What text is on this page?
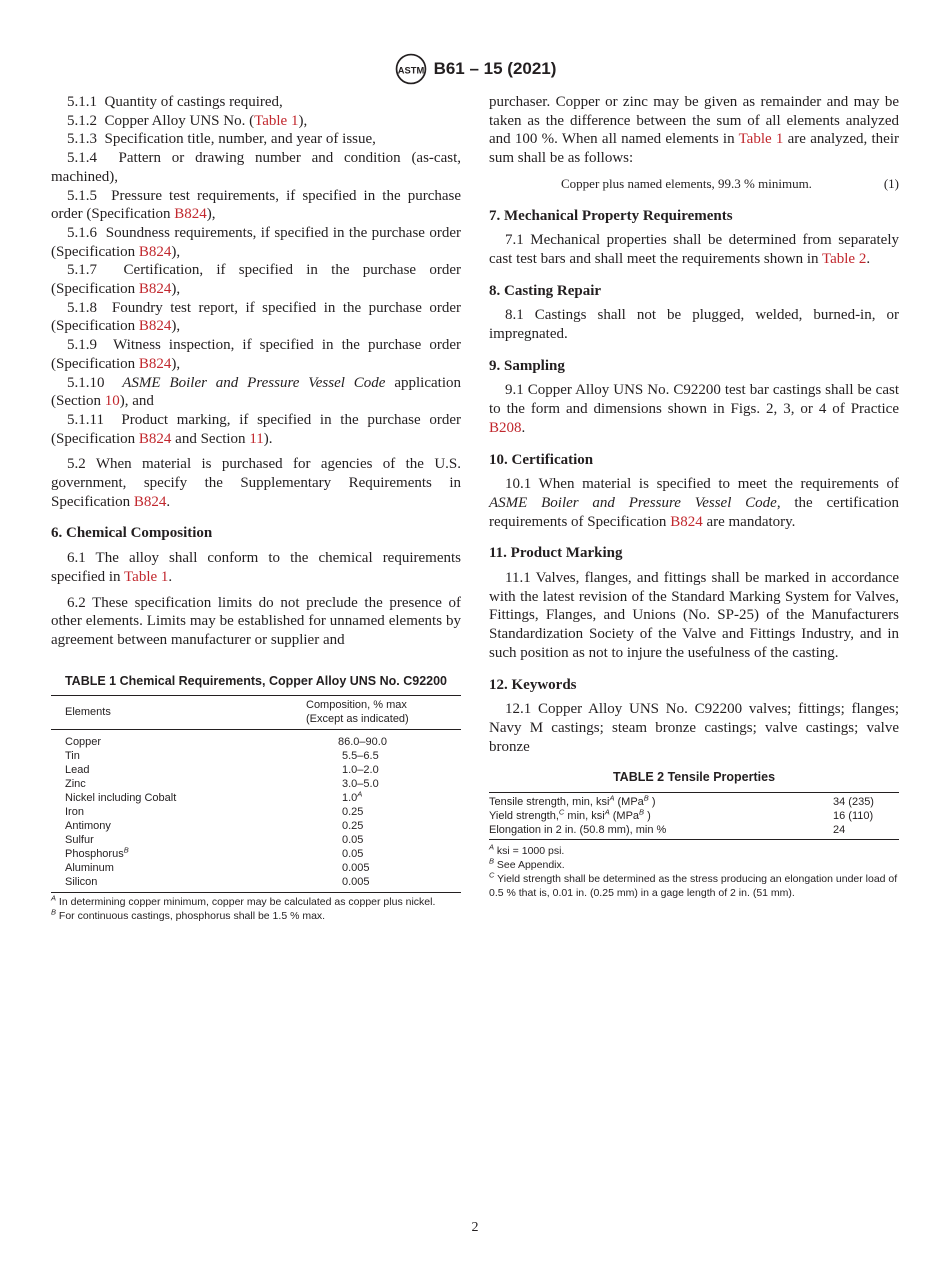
ASTM B61 – 15 (2021)

5.1.1 Quantity of castings required,

5.1.2 Copper Alloy UNS No. (Table 1),

5.1.3 Specification title, number, and year of issue,

5.1.4 Pattern or drawing number and condition (as-cast, machined),

5.1.5 Pressure test requirements, if specified in the purchase order (Specification B824),

5.1.6 Soundness requirements, if specified in the purchase order (Specification B824),

5.1.7 Certification, if specified in the purchase order (Specification B824),

5.1.8 Foundry test report, if specified in the purchase order (Specification B824),

5.1.9 Witness inspection, if specified in the purchase order (Specification B824),

5.1.10 ASME Boiler and Pressure Vessel Code application (Section 10), and

5.1.11 Product marking, if specified in the purchase order (Specification B824 and Section 11).

5.2 When material is purchased for agencies of the U.S. government, specify the Supplementary Requirements in Specification B824.

6. Chemical Composition

6.1 The alloy shall conform to the chemical requirements specified in Table 1.

6.2 These specification limits do not preclude the presence of other elements. Limits may be established for unnamed elements by agreement between manufacturer or supplier and

TABLE 1 Chemical Requirements, Copper Alloy UNS No. C92200
Elements	Composition, % max
(Except as indicated)
Copper	86.0–90.0
Tin	5.5–6.5
Lead	1.0–2.0
Zinc	3.0–5.0
Nickel including Cobalt	$1.0^A$
Iron	0.25
Antimony	0.25
Sulfur	0.05
Phosphorus$^B$	0.05
Aluminum	0.005
Silicon	0.005
$^A$ In determining copper minimum, copper may be calculated as copper plus nickel.
$^B$ For continuous castings, phosphorus shall be 1.5 % max.

purchaser. Copper or zinc may be given as remainder and may be taken as the difference between the sum of all elements analyzed and 100 %. When all named elements in Table 1 are analyzed, their sum shall be as follows:

Copper plus named elements, 99.3 % minimum.	(1)
7. Mechanical Property Requirements

7.1 Mechanical properties shall be determined from separately cast test bars and shall meet the requirements shown in Table 2.

8. Casting Repair

8.1 Castings shall not be plugged, welded, burned-in, or impregnated.

9. Sampling

9.1 Copper Alloy UNS No. C92200 test bar castings shall be cast to the form and dimensions shown in Figs. 2, 3, or 4 of Practice B208.

10. Certification

10.1 When material is specified to meet the requirements of ASME Boiler and Pressure Vessel Code, the certification requirements of Specification B824 are mandatory.

11. Product Marking

11.1 Valves, flanges, and fittings shall be marked in accordance with the latest revision of the Standard Marking System for Valves, Fittings, Flanges, and Unions (No. SP-25) of the Manufacturers Standardization Society of the Valve and Fittings Industry, and in such position as not to injure the usefulness of the casting.

12. Keywords

12.1 Copper Alloy UNS No. C92200 valves; fittings; flanges; Navy M castings; steam bronze castings; valve castings; valve bronze

TABLE 2 Tensile Properties
Tensile strength, min, ksi$^A$ (MPa$^B$ )	34 (235)
Yield strength,$^C$ min, ksi$^A$ (MPa$^B$ )	16 (110)
Elongation in 2 in. (50.8 mm), min %	24
$^A$ ksi = 1000 psi.
$^B$ See Appendix.
$^C$ Yield strength shall be determined as the stress producing an elongation under load of 0.5 % that is, 0.01 in. (0.25 mm) in a gage length of 2 in. (51 mm).
2
